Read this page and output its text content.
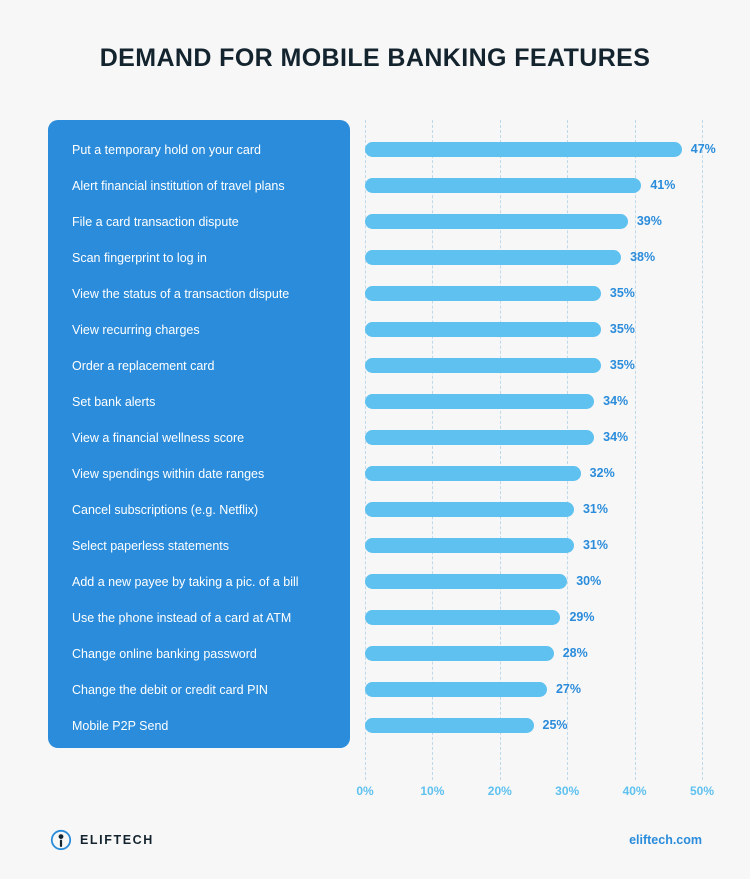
DEMAND FOR MOBILE BANKING FEATURES
0%	10%	20%	30%	40%	50%
Put a temporary hold on your card	47%
Alert financial institution of travel plans	41%
File a card transaction dispute	39%
Scan fingerprint to log in	38%
View the status of a transaction dispute	35%
View recurring charges	35%
Order a replacement card	35%
Set bank alerts	34%
View a financial wellness score	34%
View spendings within date ranges	32%
Cancel subscriptions (e.g. Netflix)	31%
Select paperless statements	31%
Add a new payee by taking a pic. of a bill	30%
Use the phone instead of a card at ATM	29%
Change online banking password	28%
Change the debit or credit card PIN	27%
Mobile P2P Send	25%
ELIFTECH	eliftech.com
